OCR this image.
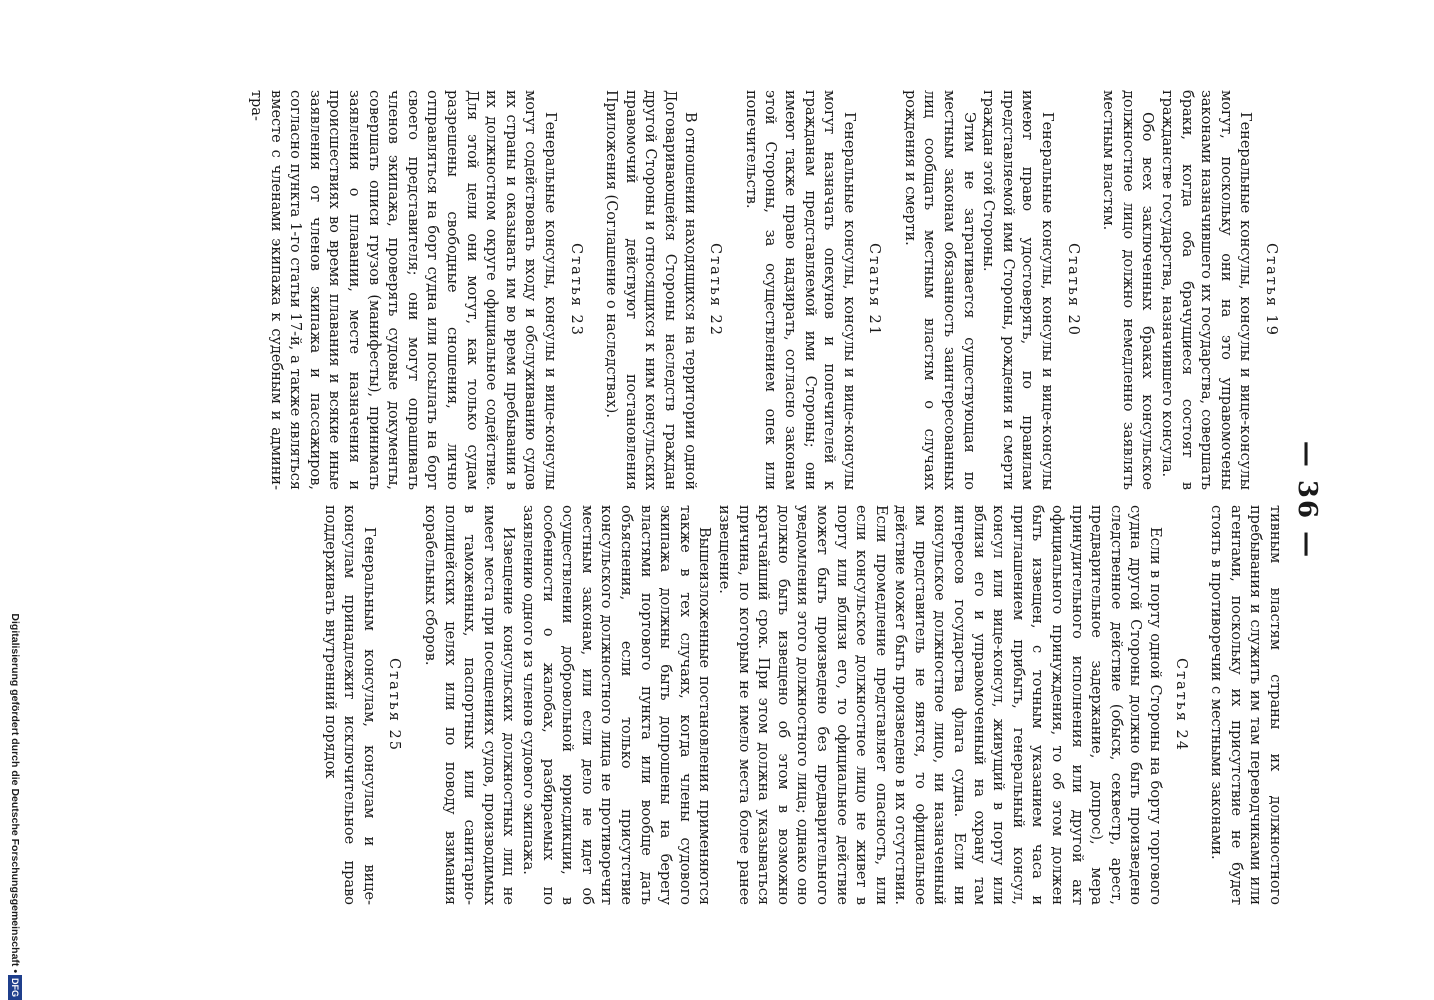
— 36 —
Статья 19

Генеральные консулы, консулы и вице-консулы могут, поскольку они на это управомочены законами назначившего их государства, совершать браки, когда оба брачущиеся состоят в гражданстве государства, назначившего консула.

Обо всех заключенных браках консульское должностное лицо должно немедленно заявлять местным властям.

Статья 20

Генеральные консулы, консулы и вице-консулы имеют право удостоверять, по правилам представляемой ими Стороны, рождения и смерти граждан этой Стороны.

Этим не затрагивается существующая по местным законам обязанность заинтересованных лиц сообщать местным властям о случаях рождения и смерти.

Статья 21

Генеральные консулы, консулы и вице-консулы могут назначать опекунов и попечителей к гражданам представляемой ими Стороны; они имеют также право надзирать, согласно законам этой Стороны, за осуществлением опек или попечительств.

Статья 22

В отношении находящихся на территории одной Договаривающейся Стороны наследств граждан другой Стороны и относящихся к ним консульских правомочий действуют постановления Приложения (Соглашение о наследствах).

Статья 23

Генеральные консулы, консулы и вице-консулы могут содействовать входу и обслуживанию судов их страны и оказывать им во время пребывания в их должностном округе официальное содействие. Для этой цели они могут, как только судам разрешены свободные сношения, лично отправляться на борт судна или посылать на борт своего представителя; они могут опрашивать членов экипажа, проверять судовые документы, совершать описи грузов (манифесты), принимать заявления о плавании, месте назначения и происшествиях во время плавания и всякие иные заявления от членов экипажа и пассажиров, согласно пункта 1-го статьи 17-й, а также являться вместе с членами экипажа к судебным и админи-тра-

тивным властям страны их должностного пребывания и служить им там переводчиками или агентами, поскольку их присутствие не будет стоять в противоречии с местными законами.

Статья 24

Если в порту одной Стороны на борту торгового судна другой Стороны должно быть произведено следственное действие (обыск, секвестр, арест, предварительное задержание, допрос), мера принудительного исполнения или другой акт официального принуждения, то об этом должен быть извещен, с точным указанием часа и приглашением прибыть, генеральный консул, консул или вице-консул, живущий в порту или вблизи его и управомоченный на охрану там интересов государства флага судна. Если ни консульское должностное лицо, ни назначенный им представитель не явятся, то официальное действие может быть произведено в их отсутствии. Если промедление представляет опасность, или если консульское должностное лицо не живет в порту или вблизи его, то официальное действие может быть произведено без предварительного уведомления этого должностного лица; однако оно должно быть извещено об этом в возможно кратчайший срок. При этом должна указываться причина, по которым не имело места более ранее извещение.

Вышеизложенные постановления применяются также в тех случаях, когда члены судового экипажа должны быть допрошены на берегу властями портового пункта или вообще дать объяснения, если только присутствие консульского должностного лица не противоречит местным законам, или если дело не идет об осуществлении добровольной юрисдикции, в особенности о жалобах, разбираемых по заявлению одного из членов судового экипажа.

Извещение консульских должностных лиц не имеет места при посещениях судов, производимых в таможенных, паспортных или санитарно-полицейских целях или по поводу взимания корабельных сборов.

Статья 25

Генеральным консулам, консулам и вице-консулам принадлежит исключительное право поддерживать внутренний порядок

Digitalisierung gefördert durch die Deutsche Forschungsgemeinschaft •DFG
